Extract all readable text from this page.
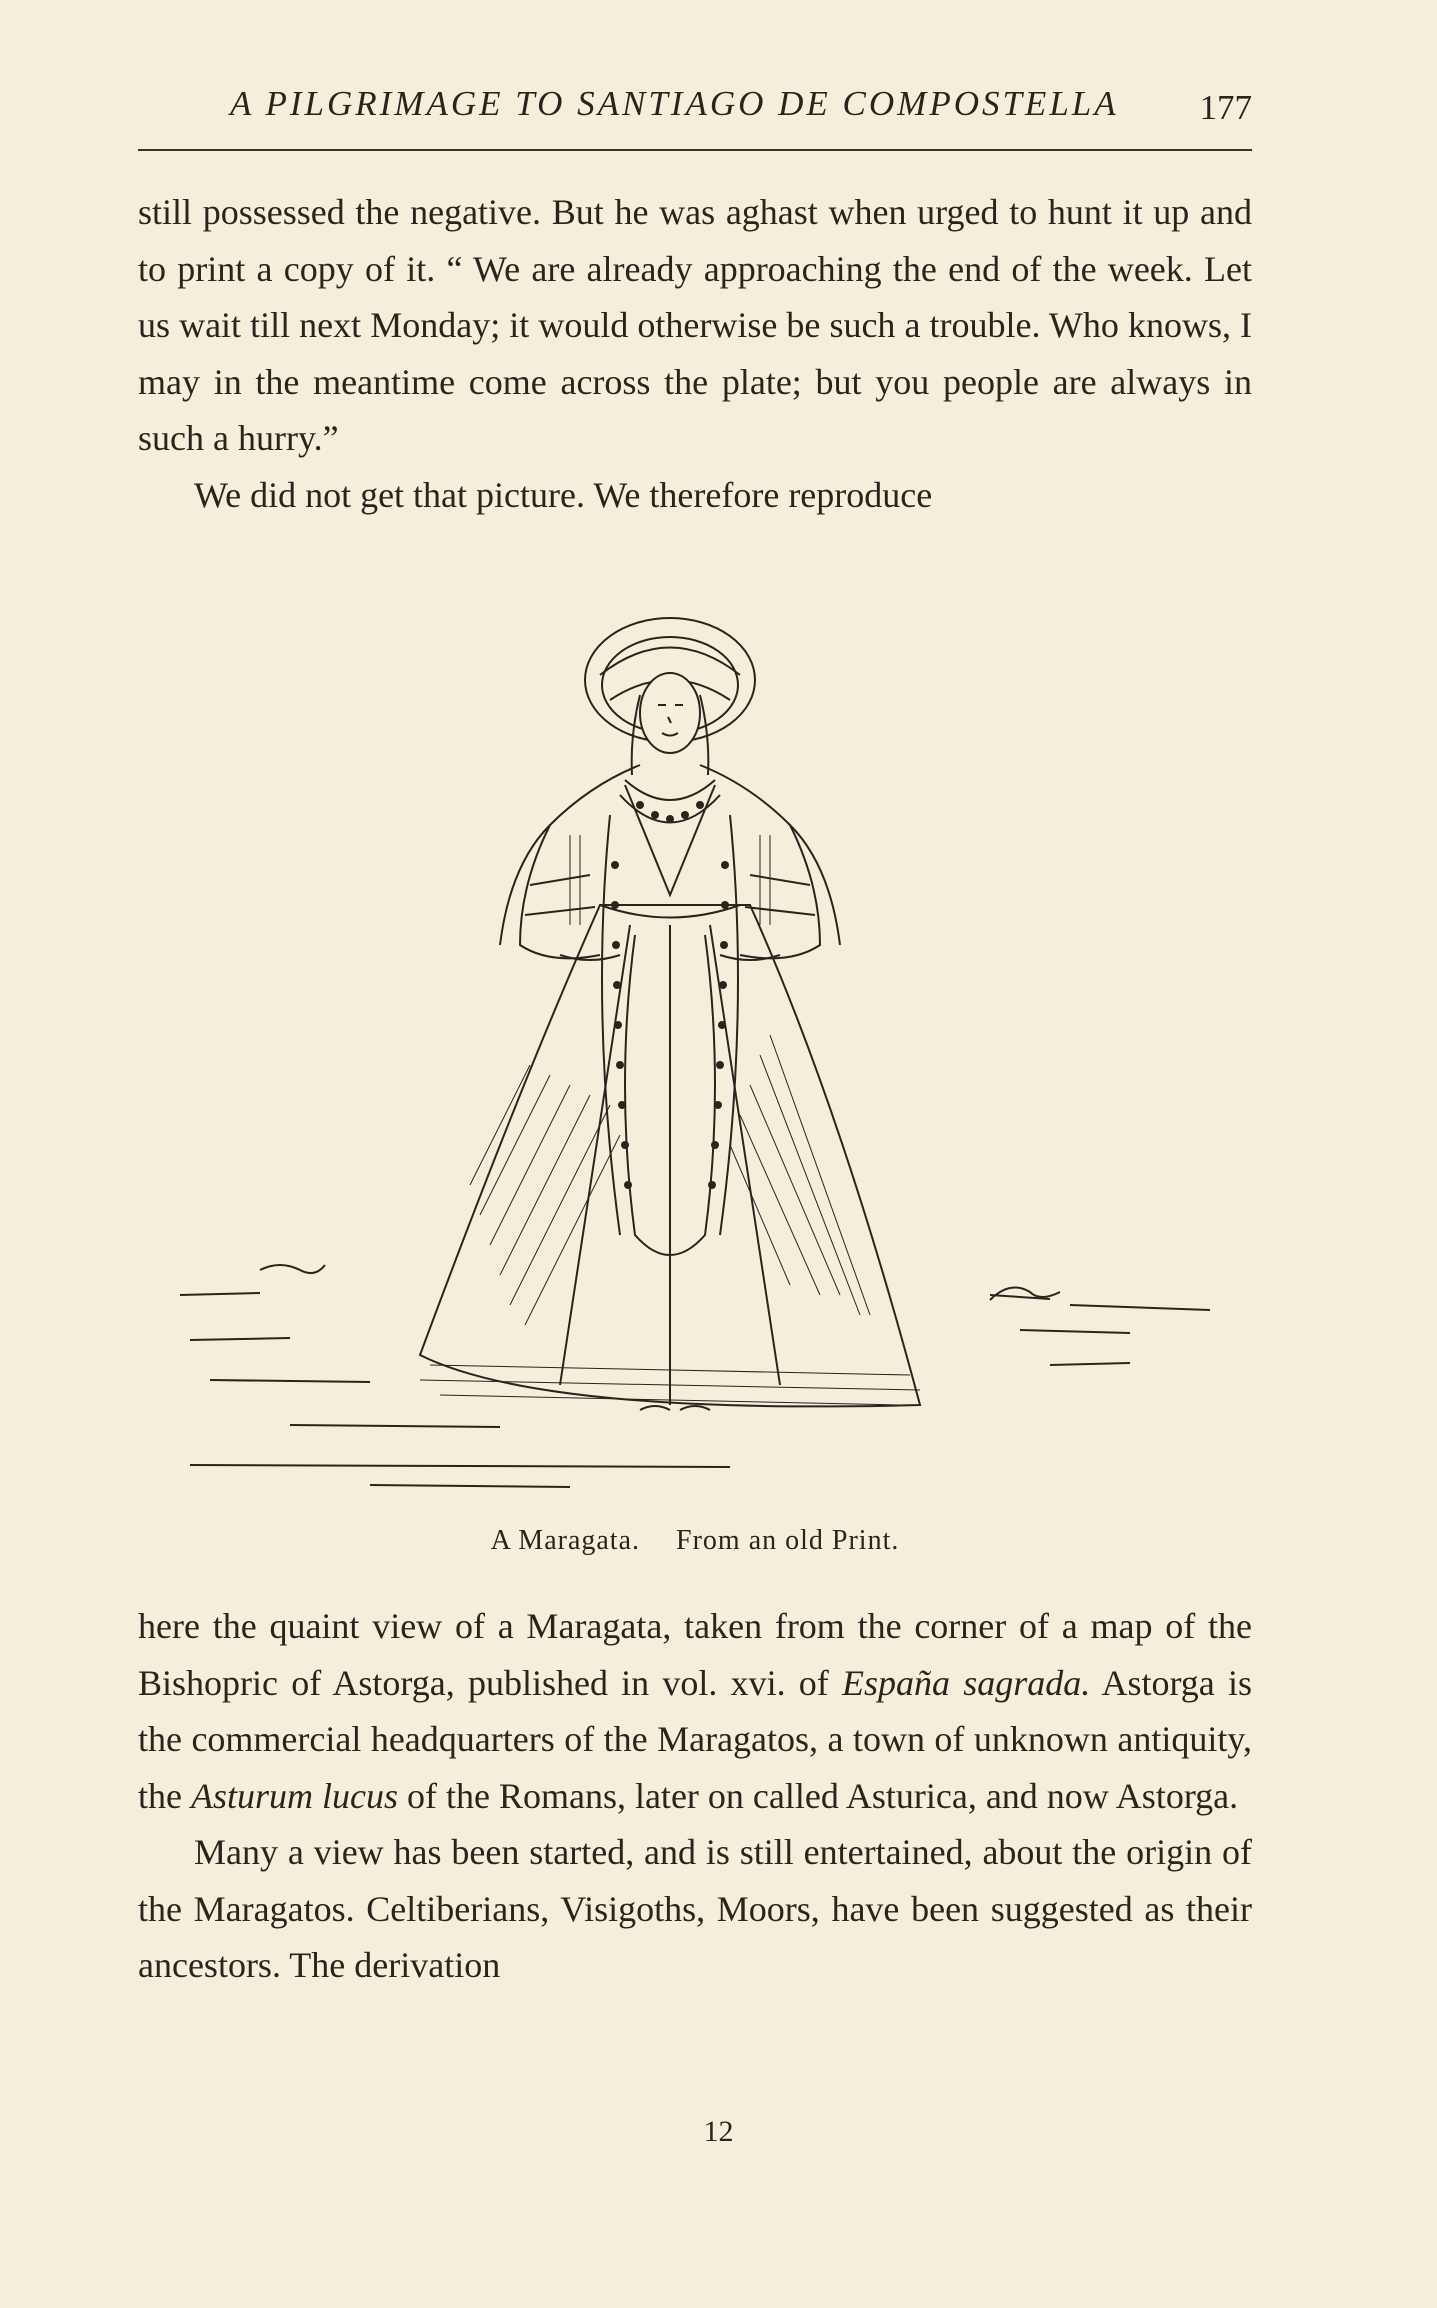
A PILGRIMAGE TO SANTIAGO DE COMPOSTELLA 177

still possessed the negative. But he was aghast when urged to hunt it up and to print a copy of it. “ We are already approaching the end of the week. Let us wait till next Monday; it would otherwise be such a trouble. Who knows, I may in the meantime come across the plate; but you people are always in such a hurry.”

We did not get that picture. We therefore reproduce

A Maragata. From an old Print.

here the quaint view of a Maragata, taken from the corner of a map of the Bishopric of Astorga, published in vol. xvi. of España sagrada. Astorga is the commercial headquarters of the Maragatos, a town of unknown antiquity, the Asturum lucus of the Romans, later on called Asturica, and now Astorga.

Many a view has been started, and is still entertained, about the origin of the Maragatos. Celtiberians, Visigoths, Moors, have been suggested as their ancestors. The derivation

12
